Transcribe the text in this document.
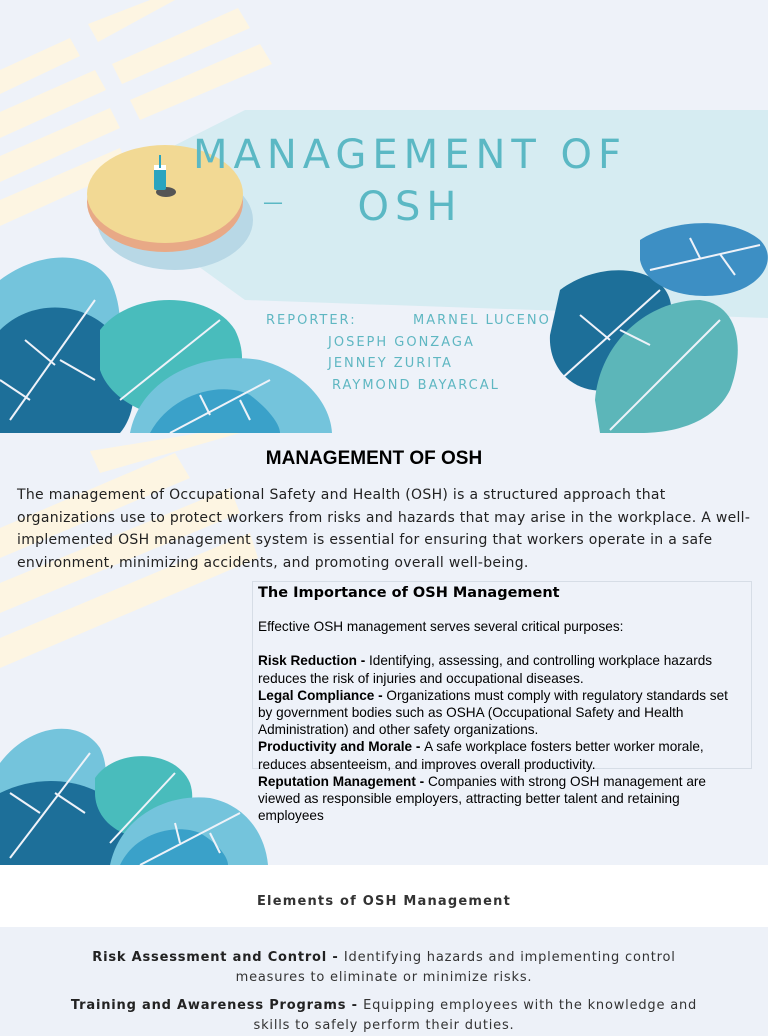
MANAGEMENT OF
—	OSH
REPORTER:	MARNEL LUCENO
JOSEPH GONZAGA
JENNEY ZURITA
RAYMOND BAYARCAL
MANAGEMENT OF OSH
The management of Occupational Safety and Health (OSH) is a structured approach that organizations use to protect workers from risks and hazards that may arise in the workplace. A well-implemented OSH management system is essential for ensuring that workers operate in a safe environment, minimizing accidents, and promoting overall well-being.
The Importance of OSH Management

Effective OSH management serves several critical purposes:

Risk Reduction - Identifying, assessing, and controlling workplace hazards reduces the risk of injuries and occupational diseases.

Legal Compliance - Organizations must comply with regulatory standards set by government bodies such as OSHA (Occupational Safety and Health Administration) and other safety organizations.

Productivity and Morale - A safe workplace fosters better worker morale, reduces absenteeism, and improves overall productivity.

Reputation Management - Companies with strong OSH management are viewed as responsible employers, attracting better talent and retaining employees

Elements of OSH Management
Risk Assessment and Control - Identifying hazards and implementing control measures to eliminate or minimize risks.
Training and Awareness Programs - Equipping employees with the knowledge and skills to safely perform their duties.
